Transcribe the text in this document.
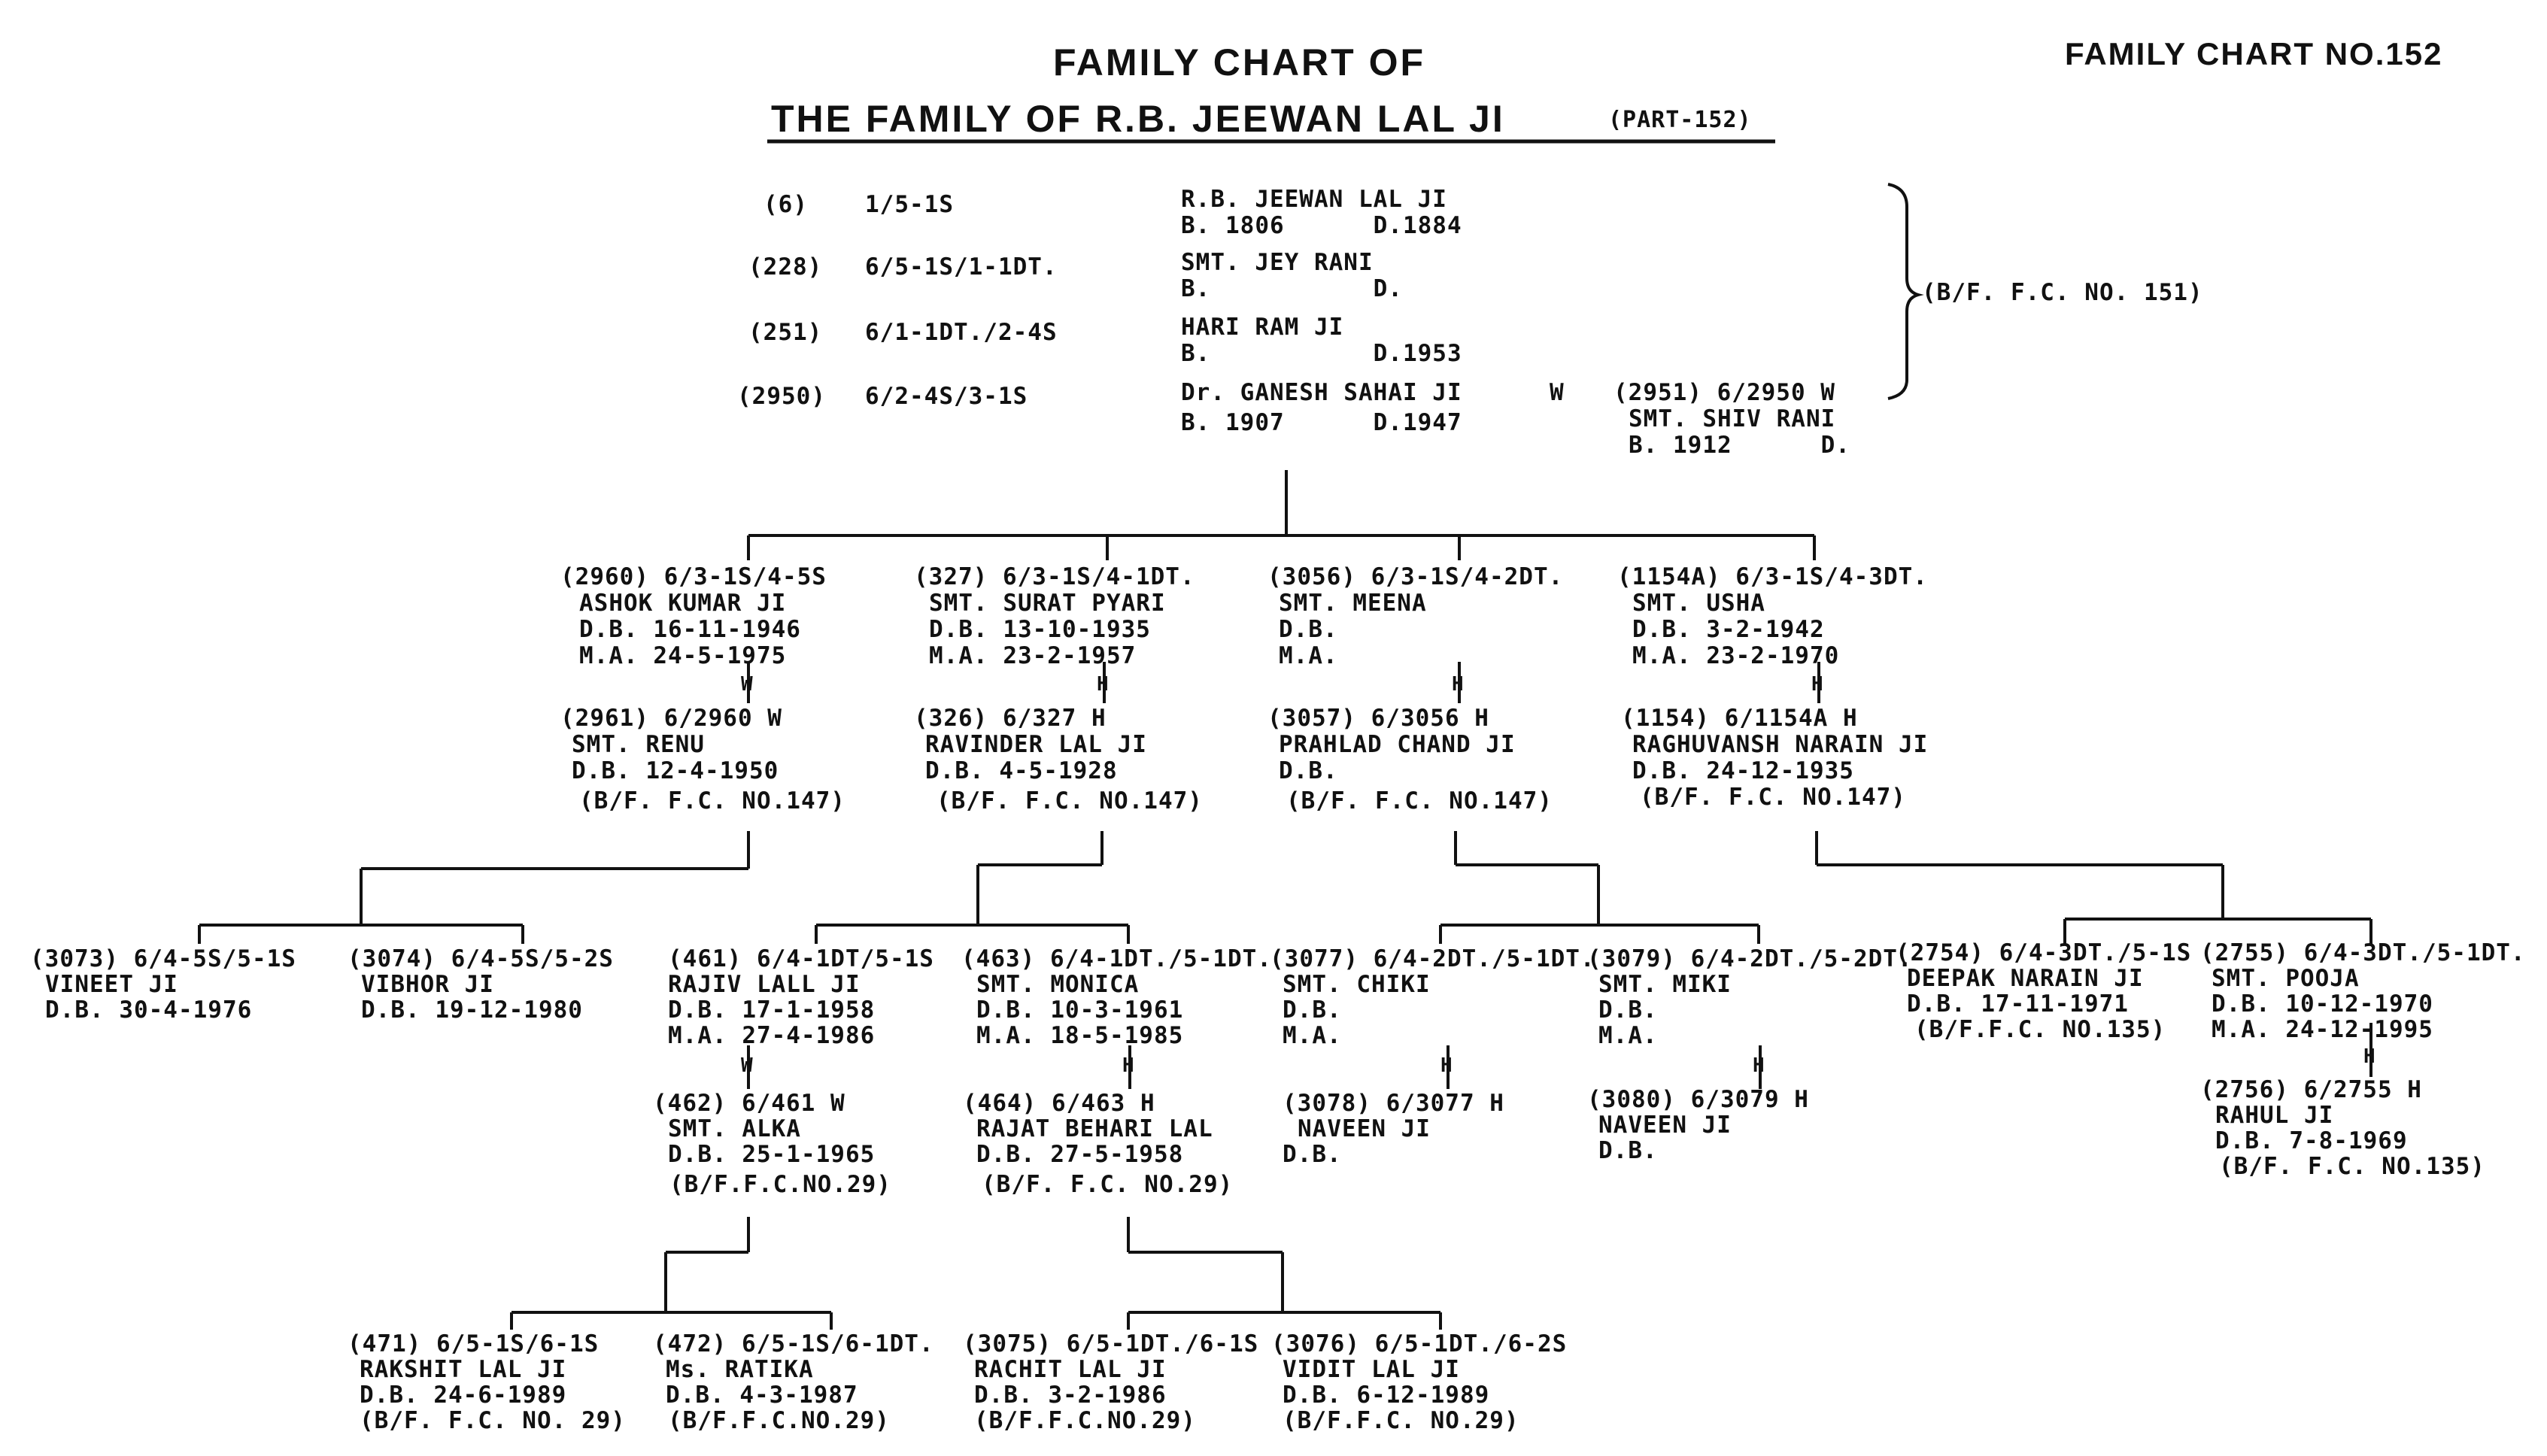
FAMILY CHART OF
THE FAMILY OF R.B. JEEWAN LAL JI	(PART-152)
FAMILY CHART NO.152
(6) 1/5-1S	R.B. JEEWAN LAL JI
B. 1806      D.1884
(228) 6/5-1S/1-1DT.	SMT. JEY RANI
B.           D.
(251) 6/1-1DT./2-4S	HARI RAM JI
B.           D.1953
(2950) 6/2-4S/3-1S	Dr. GANESH SAHAI JI	W
B. 1907      D.1947
(2951) 6/2950 W
SMT. SHIV RANI
B. 1912      D.
(B/F. F.C. NO. 151)
(2960) 6/3-1S/4-5S
ASHOK KUMAR JI
D.B. 16-11-1946
M.A. 24-5-1975
W
(2961) 6/2960 W
SMT. RENU
D.B. 12-4-1950
(B/F. F.C. NO.147)
(327) 6/3-1S/4-1DT.
SMT. SURAT PYARI
D.B. 13-10-1935
M.A. 23-2-1957
H
(326) 6/327 H
RAVINDER LAL JI
D.B. 4-5-1928
(B/F. F.C. NO.147)
(3056) 6/3-1S/4-2DT.
SMT. MEENA
D.B.
M.A.
H
(3057) 6/3056 H
PRAHLAD CHAND JI
D.B.
(B/F. F.C. NO.147)
(1154A) 6/3-1S/4-3DT.
SMT. USHA
D.B. 3-2-1942
M.A. 23-2-1970
H
(1154) 6/1154A H
RAGHUVANSH NARAIN JI
D.B. 24-12-1935
(B/F. F.C. NO.147)
(3073) 6/4-5S/5-1S
VINEET JI
D.B. 30-4-1976
(3074) 6/4-5S/5-2S
VIBHOR JI
D.B. 19-12-1980
(461) 6/4-1DT/5-1S
RAJIV LALL JI
D.B. 17-1-1958
M.A. 27-4-1986
W
(462) 6/461 W
SMT. ALKA
D.B. 25-1-1965
(B/F.F.C.NO.29)
(463) 6/4-1DT./5-1DT.
SMT. MONICA
D.B. 10-3-1961
M.A. 18-5-1985
H
(464) 6/463 H
RAJAT BEHARI LAL
D.B. 27-5-1958
(B/F. F.C. NO.29)
(3077) 6/4-2DT./5-1DT.
SMT. CHIKI
D.B.
M.A.
H
(3078) 6/3077 H
NAVEEN JI
D.B.
(3079) 6/4-2DT./5-2DT.
SMT. MIKI
D.B.
M.A.
H
(3080) 6/3079 H
NAVEEN JI
D.B.
(2754) 6/4-3DT./5-1S
DEEPAK NARAIN JI
D.B. 17-11-1971
(B/F.F.C. NO.135)
(2755) 6/4-3DT./5-1DT.
SMT. POOJA
D.B. 10-12-1970
M.A. 24-12-1995
H
(2756) 6/2755 H
RAHUL JI
D.B. 7-8-1969
(B/F. F.C. NO.135)
(471) 6/5-1S/6-1S
RAKSHIT LAL JI
D.B. 24-6-1989
(B/F. F.C. NO. 29)
(472) 6/5-1S/6-1DT.
Ms. RATIKA
D.B. 4-3-1987
(B/F.F.C.NO.29)
(3075) 6/5-1DT./6-1S
RACHIT LAL JI
D.B. 3-2-1986
(B/F.F.C.NO.29)
(3076) 6/5-1DT./6-2S
VIDIT LAL JI
D.B. 6-12-1989
(B/F.F.C. NO.29)
